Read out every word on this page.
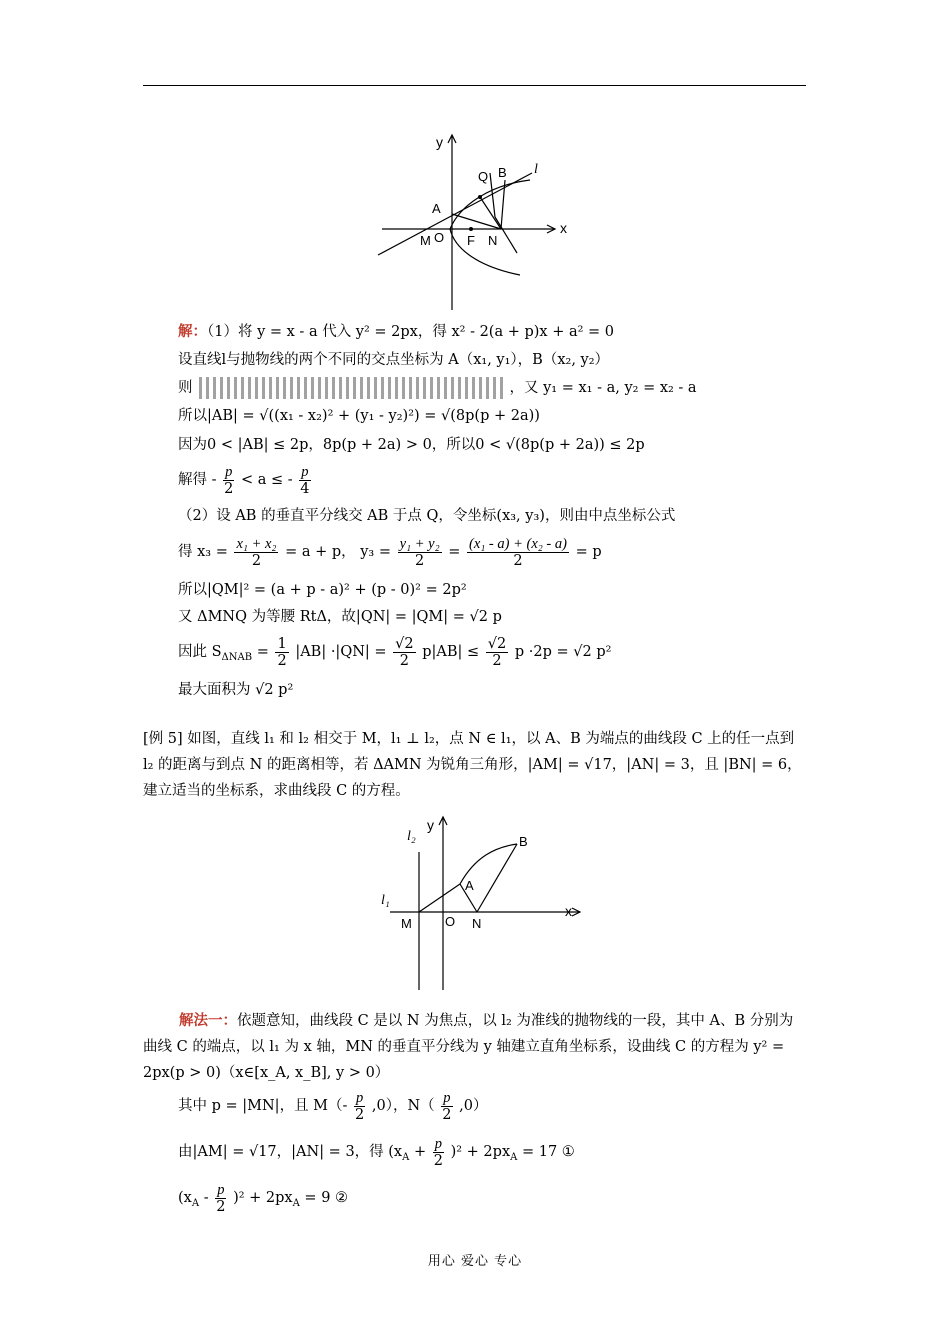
y
x
Q B l
A
M O F N
解：（1）将 y = x - a 代入 y² = 2px，得 x² - 2(a + p)x + a² = 0
设直线l与抛物线的两个不同的交点坐标为 A（x₁, y₁），B（x₂, y₂）
则	，又 y₁ = x₁ - a, y₂ = x₂ - a
所以|AB| = √((x₁ - x₂)² + (y₁ - y₂)²) = √(8p(p + 2a))
因为0 < |AB| ≤ 2p，8p(p + 2a) > 0，所以0 < √(8p(p + 2a)) ≤ 2p
解得 - $\frac{p}{2} < a$ ≤ - $\frac{p}{4}$
（2）设 AB 的垂直平分线交 AB 于点 Q，令坐标(x₃, y₃)，则由中点坐标公式
得 $x_3 = \frac{\text{x₁ + x₂}}{2} = a + p$， $y_3 = \frac{\text{y₁ + y₂}}{2} = \frac{\text{(x₁ - a) + (x₂ - a)}}{2} = p$
所以|QM|² = (a + p - a)² + (p - 0)² = 2p²
又 ΔMNQ 为等腰 RtΔ，故|QN| = |QM| = √2 p
因此 $S_{\Delta NAB} = \frac{1}{2} |AB| \cdot|QN| = \frac{√2}{2} p|AB| \le \frac{√2}{2}$ p ·2p = √2 p²
最大面积为 √2 p²
[例 5] 如图，直线 l₁ 和 l₂ 相交于 M，l₁ ⊥ l₂，点 N ∈ l₁，以 A、B 为端点的曲线段 C 上的任一点到 l₂ 的距离与到点 N 的距离相等，若 ΔAMN 为锐角三角形，|AM| = √17，|AN| = 3，且 |BN| = 6，建立适当的坐标系，求曲线段 C 的方程。
y
x
l₂
l₁
B
A
M	O N
解法一：依题意知，曲线段 C 是以 N 为焦点，以 l₂ 为准线的抛物线的一段，其中 A、B 分别为曲线 C 的端点，以 l₁ 为 x 轴，MN 的垂直平分线为 y 轴建立直角坐标系，设曲线 C 的方程为 y² = 2px(p > 0)（x∈[x_A, x_B], y > 0）
其中 p = |MN|，且 $M(- \frac{p}{2} ,0)$，$N( \frac{p}{2} ,0)$
由|AM| = √17，|AN| = 3，得 $(x_A + \frac{p}{2} )^2 + 2px_A = 17$ ①
$(x_A - \frac{p}{2} )^2 + 2px_A = 9$ ②
用心 爱心 专心
